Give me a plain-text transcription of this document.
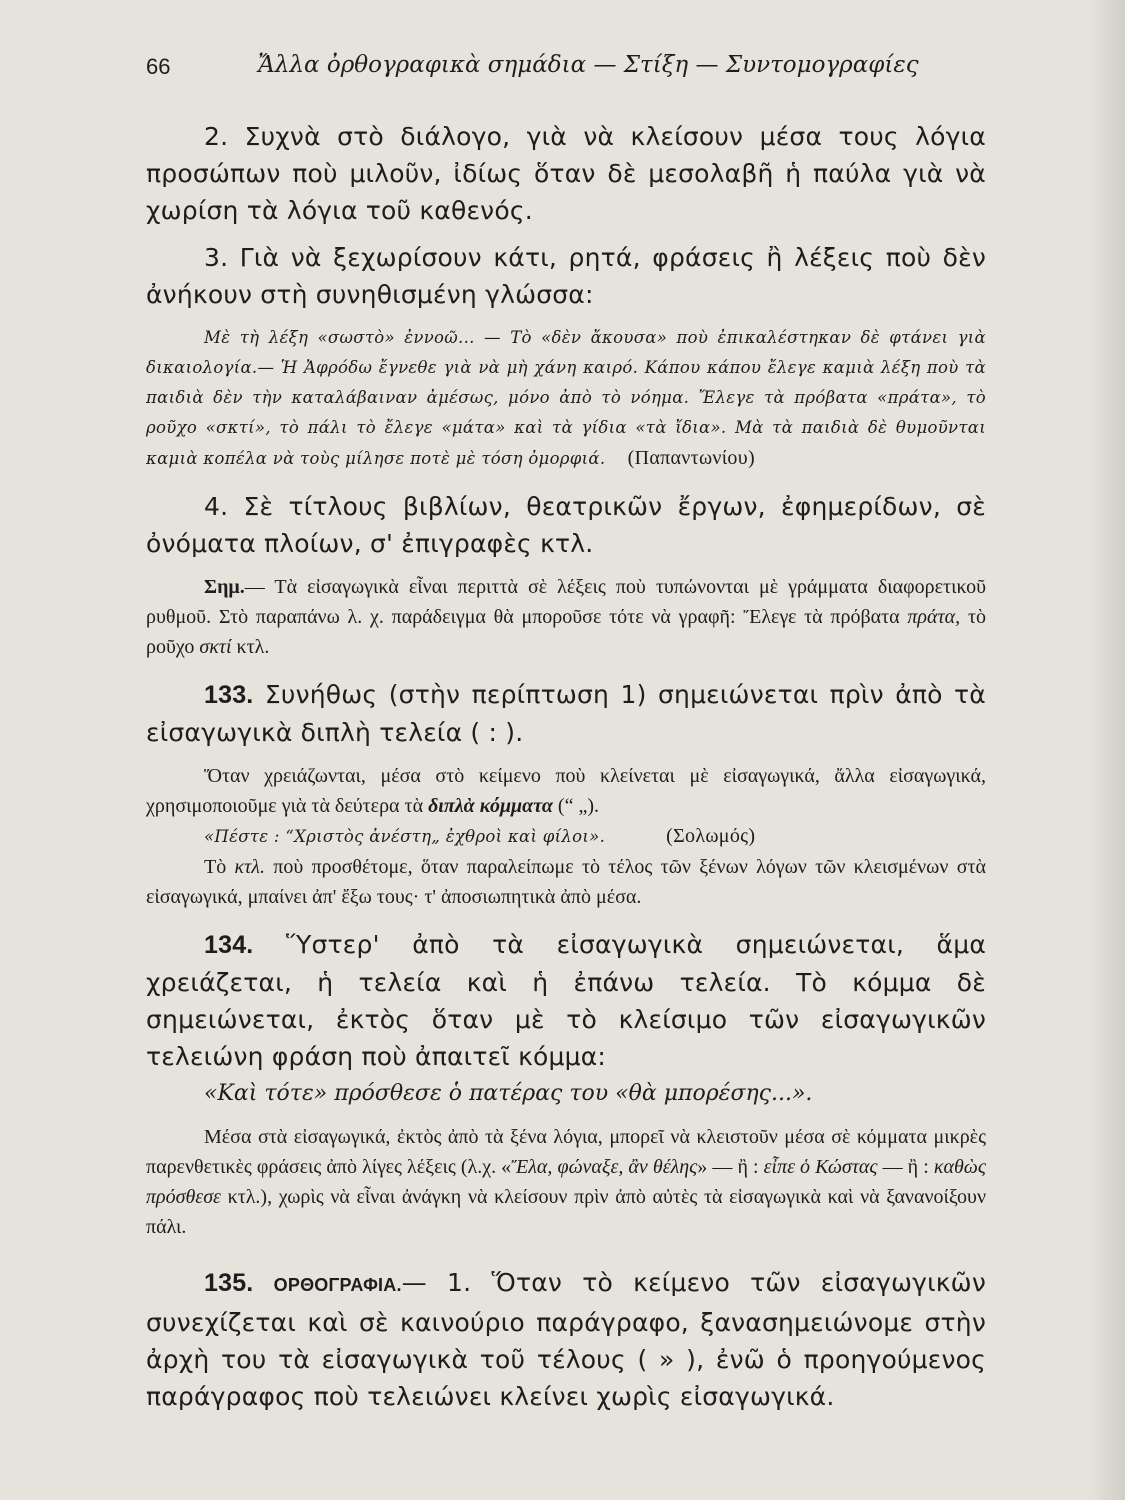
66	Ἄλλα ὀρθογραφικὰ σημάδια — Στίξη — Συντομογραφίες

2. Συχνὰ στὸ διάλογο, γιὰ νὰ κλείσουν μέσα τους λόγια προσώπων ποὺ μιλοῦν, ἰδίως ὅταν δὲ μεσολαβῆ ἡ παύλα γιὰ νὰ χωρίση τὰ λόγια τοῦ καθενός.

3. Γιὰ νὰ ξεχωρίσουν κάτι, ρητά, φράσεις ἢ λέξεις ποὺ δὲν ἀνήκουν στὴ συνηθισμένη γλώσσα:

Μὲ τὴ λέξη «σωστὸ» ἐννοῶ... — Τὸ «δὲν ἄκουσα» ποὺ ἐπικαλέστηκαν δὲ φτάνει γιὰ δικαιολογία.— Ἡ Ἀφρόδω ἔγνεθε γιὰ νὰ μὴ χάνη καιρό. Κάπου κάπου ἔλεγε καμιὰ λέξη ποὺ τὰ παιδιὰ δὲν τὴν καταλάβαιναν ἀμέσως, μόνο ἀπὸ τὸ νόημα. Ἔλεγε τὰ πρόβατα «πράτα», τὸ ροῦχο «σκτί», τὸ πάλι τὸ ἔλεγε «μάτα» καὶ τὰ γίδια «τὰ ἴδια». Μὰ τὰ παιδιὰ δὲ θυμοῦνται καμιὰ κοπέλα νὰ τοὺς μίλησε ποτὲ μὲ τόση ὀμορφιά. (Παπαντωνίου)

4. Σὲ τίτλους βιβλίων, θεατρικῶν ἔργων, ἐφημερίδων, σὲ ὀνόματα πλοίων, σ' ἐπιγραφὲς κτλ.

Σημ.— Τὰ εἰσαγωγικὰ εἶναι περιττὰ σὲ λέξεις ποὺ τυπώνονται μὲ γράμματα διαφορετικοῦ ρυθμοῦ. Στὸ παραπάνω λ. χ. παράδειγμα θὰ μποροῦσε τότε νὰ γραφῆ: Ἔλεγε τὰ πρόβατα πράτα, τὸ ροῦχο σκτί κτλ.

133. Συνήθως (στὴν περίπτωση 1) σημειώνεται πρὶν ἀπὸ τὰ εἰσαγωγικὰ διπλὴ τελεία ( : ).

Ὅταν χρειάζωνται, μέσα στὸ κείμενο ποὺ κλείνεται μὲ εἰσαγωγικά, ἄλλα εἰσαγωγικά, χρησιμοποιοῦμε γιὰ τὰ δεύτερα τὰ διπλὰ κόμματα (“ „).

«Πέστε : “Χριστὸς ἀνέστη„ ἐχθροὶ καὶ φίλοι».	(Σολωμός)

Τὸ κτλ. ποὺ προσθέτομε, ὅταν παραλείπωμε τὸ τέλος τῶν ξένων λόγων τῶν κλεισμένων στὰ εἰσαγωγικά, μπαίνει ἀπ' ἔξω τους· τ' ἀποσιωπητικὰ ἀπὸ μέσα.

134. Ὕστερ' ἀπὸ τὰ εἰσαγωγικὰ σημειώνεται, ἅμα χρειάζεται, ἡ τελεία καὶ ἡ ἐπάνω τελεία. Τὸ κόμμα δὲ σημειώνεται, ἐκτὸς ὅταν μὲ τὸ κλείσιμο τῶν εἰσαγωγικῶν τελειώνη φράση ποὺ ἀπαιτεῖ κόμμα:

«Καὶ τότε» πρόσθεσε ὁ πατέρας του «θὰ μπορέσης...».

Μέσα στὰ εἰσαγωγικά, ἐκτὸς ἀπὸ τὰ ξένα λόγια, μπορεῖ νὰ κλειστοῦν μέσα σὲ κόμματα μικρὲς παρενθετικὲς φράσεις ἀπὸ λίγες λέξεις (λ.χ. «Ἔλα, φώναξε, ἂν θέλης» — ἢ : εἶπε ὁ Κώστας — ἢ : καθὼς πρόσθεσε κτλ.), χωρὶς νὰ εἶναι ἀνάγκη νὰ κλείσουν πρὶν ἀπὸ αὐτὲς τὰ εἰσαγωγικὰ καὶ νὰ ξανανοίξουν πάλι.

135. ΟΡΘΟΓΡΑΦΙΑ.— 1. Ὅταν τὸ κείμενο τῶν εἰσαγωγικῶν συνεχίζεται καὶ σὲ καινούριο παράγραφο, ξανασημειώνομε στὴν ἀρχὴ του τὰ εἰσαγωγικὰ τοῦ τέλους ( » ), ἐνῶ ὁ προηγούμενος παράγραφος ποὺ τελειώνει κλείνει χωρὶς εἰσαγωγικά.
